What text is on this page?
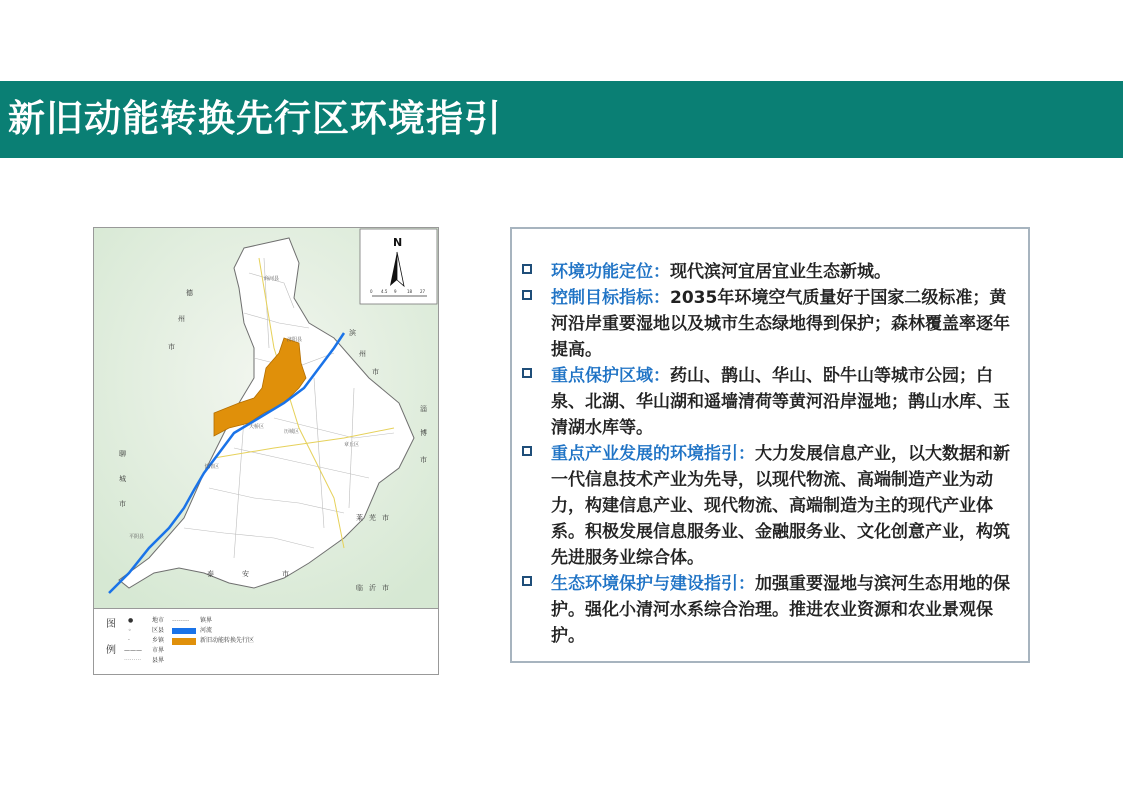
新旧动能转换先行区环境指引
德
州
市
滨
州
市
淄
博
市
聊
城
市
莱 芜 市
泰	安	市
临 沂 市
济阳县
商河县
章丘区
平阴县
长清区
历城区
天桥区
N
0 4.5 9	18 27
图
例
●	地市
◦	区县
·	乡镇
——— 市界
········· 县界
-------- 镇界
河流
新旧动能转换先行区
环境功能定位：现代滨河宜居宜业生态新城。
控制目标指标：2035年环境空气质量好于国家二级标准；黄河沿岸重要湿地以及城市生态绿地得到保护；森林覆盖率逐年提高。
重点保护区域：药山、鹊山、华山、卧牛山等城市公园；白泉、北湖、华山湖和遥墙清荷等黄河沿岸湿地；鹊山水库、玉清湖水库等。
重点产业发展的环境指引：大力发展信息产业，以大数据和新一代信息技术产业为先导，以现代物流、高端制造产业为动力，构建信息产业、现代物流、高端制造为主的现代产业体系。积极发展信息服务业、金融服务业、文化创意产业，构筑先进服务业综合体。
生态环境保护与建设指引：加强重要湿地与滨河生态用地的保护。强化小清河水系综合治理。推进农业资源和农业景观保护。
